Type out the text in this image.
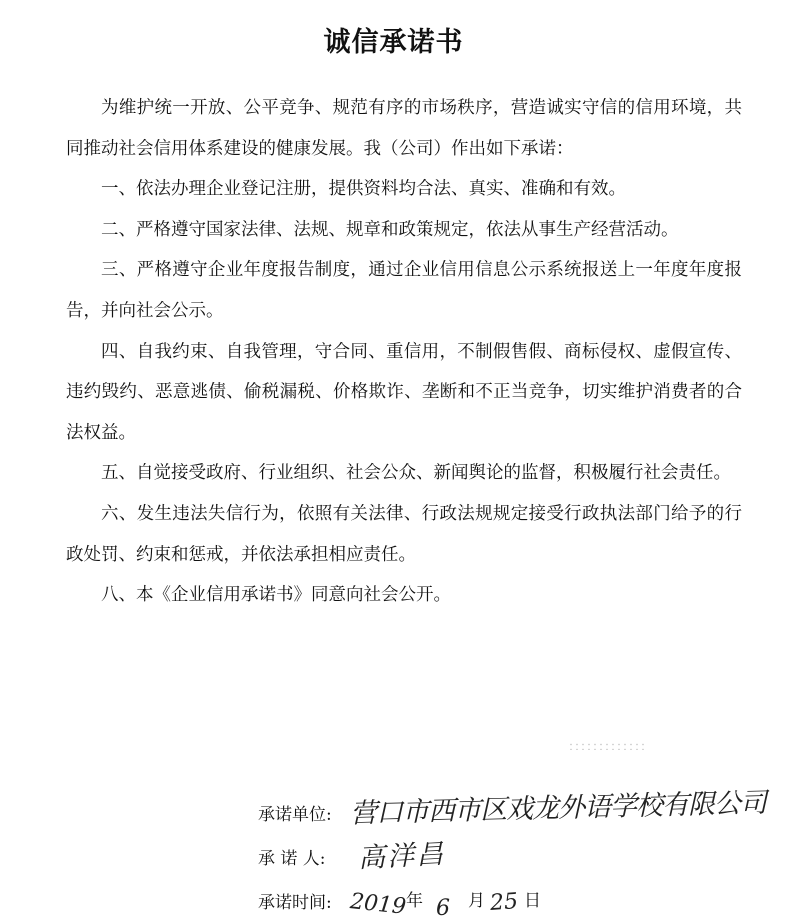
诚信承诺书

为维护统一开放、公平竞争、规范有序的市场秩序，营造诚实守信的信用环境，共同推动社会信用体系建设的健康发展。我（公司）作出如下承诺：

一、依法办理企业登记注册，提供资料均合法、真实、准确和有效。

二、严格遵守国家法律、法规、规章和政策规定，依法从事生产经营活动。

三、严格遵守企业年度报告制度，通过企业信用信息公示系统报送上一年度年度报告，并向社会公示。

四、自我约束、自我管理，守合同、重信用，不制假售假、商标侵权、虚假宣传、违约毁约、恶意逃债、偷税漏税、价格欺诈、垄断和不正当竞争，切实维护消费者的合法权益。

五、自觉接受政府、行业组织、社会公众、新闻舆论的监督，积极履行社会责任。

六、发生违法失信行为，依照有关法律、行政法规规定接受行政执法部门给予的行政处罚、约束和惩戒，并依法承担相应责任。

八、本《企业信用承诺书》同意向社会公开。

承诺单位: 营口市西市区戏龙外语学校有限公司
承 诺 人: 高洋昌
承诺时间: 2019
年 6 月 25 日
